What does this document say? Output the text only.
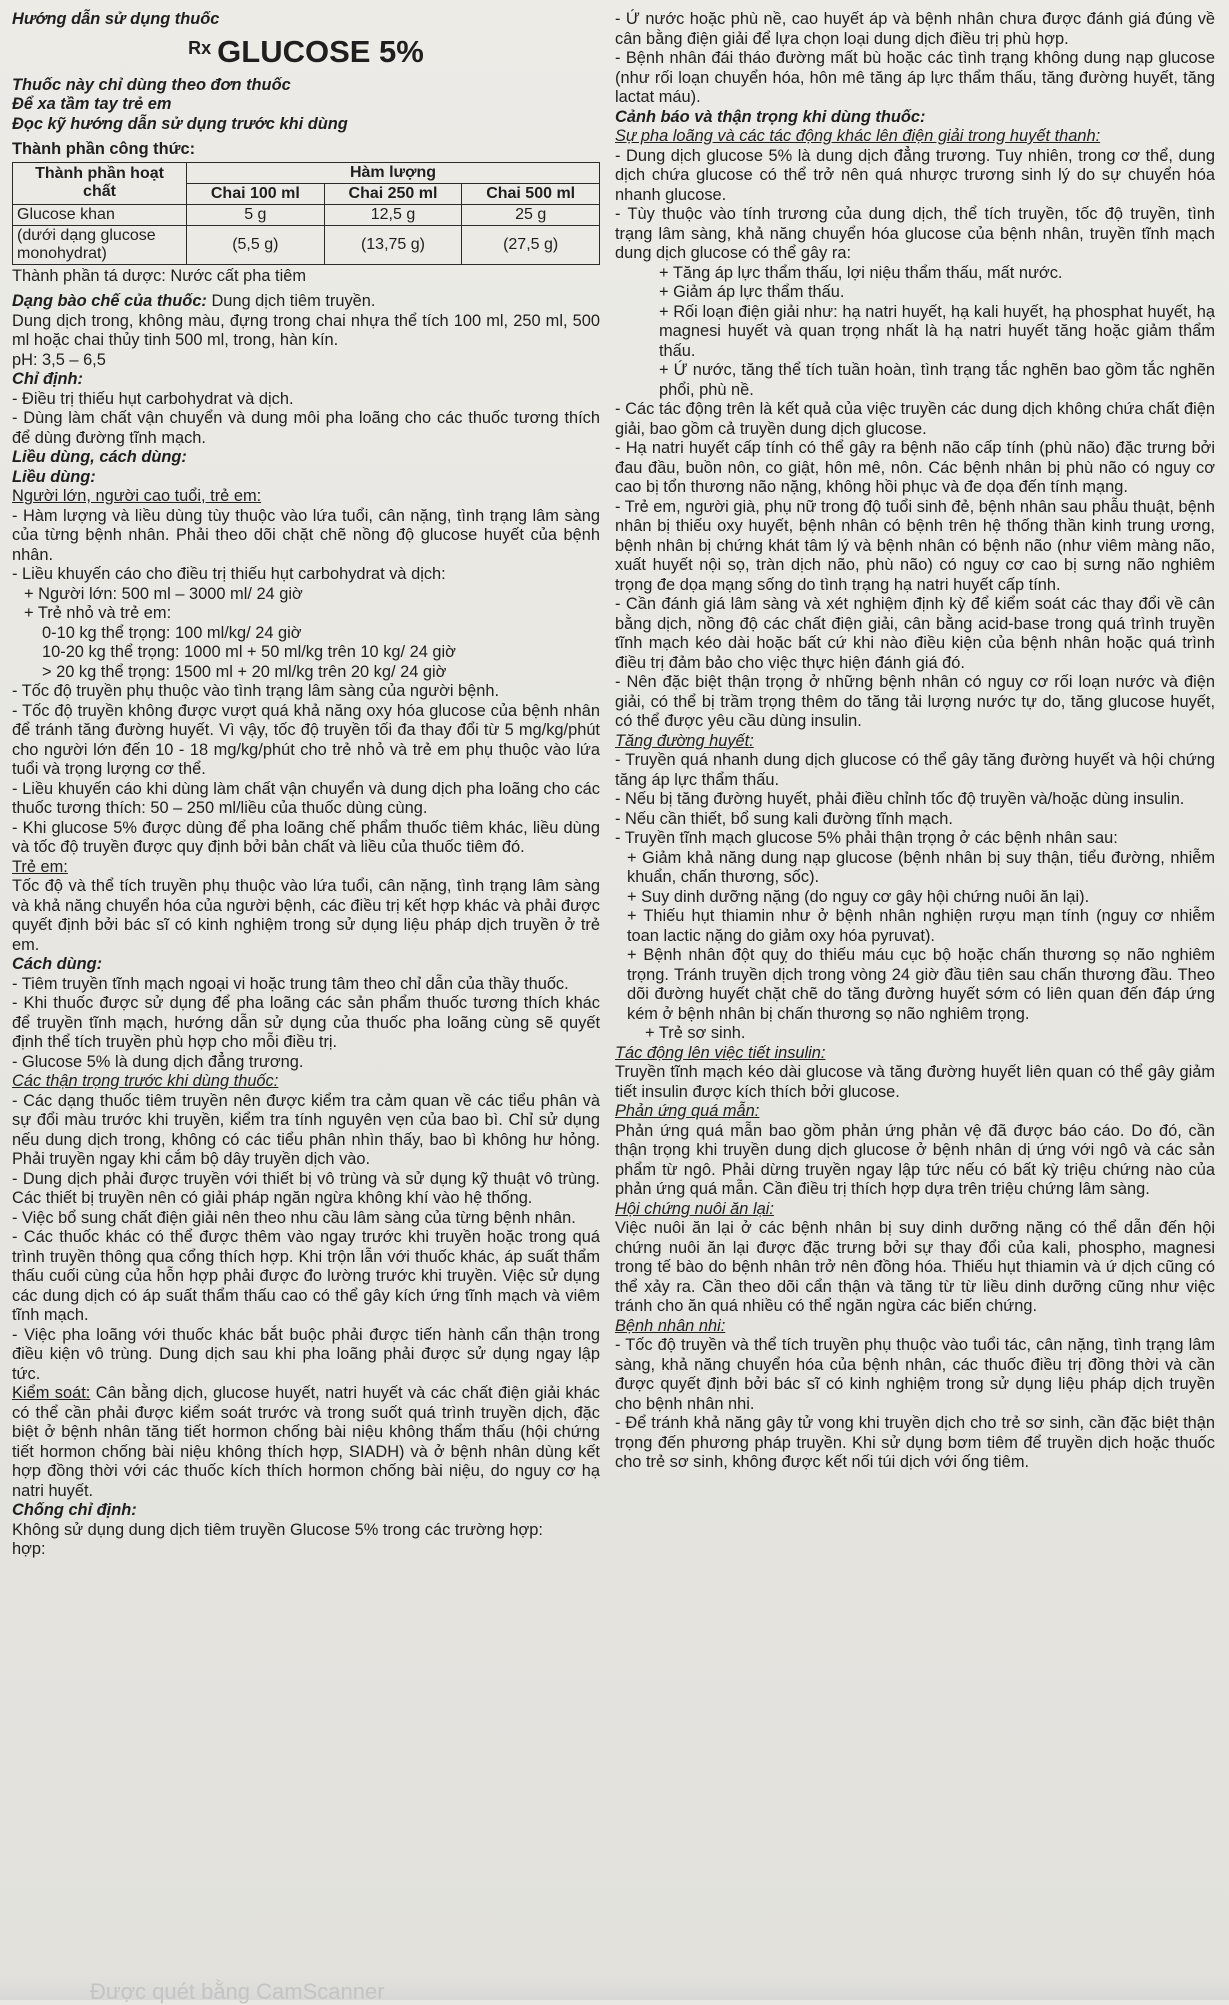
Hướng dẫn sử dụng thuốc

$^{Rx}$ GLUCOSE 5%

Thuốc này chỉ dùng theo đơn thuốc

Để xa tầm tay trẻ em

Đọc kỹ hướng dẫn sử dụng trước khi dùng

Thành phần công thức:

Thành phần hoạt chất	Hàm lượng		
	Chai 100 ml	Chai 250 ml	Chai 500 ml
Glucose khan	5 g	12,5 g	25 g
(dưới dạng glucose monohydrat)	(5,5 g)	(13,75 g)	(27,5 g)

Thành phần tá dược: Nước cất pha tiêm

Dạng bào chế của thuốc: Dung dịch tiêm truyền.

Dung dịch trong, không màu, đựng trong chai nhựa thể tích 100 ml, 250 ml, 500 ml hoặc chai thủy tinh 500 ml, trong, hàn kín.

pH: 3,5 – 6,5

Chỉ định:

- Điều trị thiếu hụt carbohydrat và dịch.

- Dùng làm chất vận chuyển và dung môi pha loãng cho các thuốc tương thích để dùng đường tĩnh mạch.

Liều dùng, cách dùng:

Liều dùng:

Người lớn, người cao tuổi, trẻ em:

- Hàm lượng và liều dùng tùy thuộc vào lứa tuổi, cân nặng, tình trạng lâm sàng của từng bệnh nhân. Phải theo dõi chặt chẽ nồng độ glucose huyết của bệnh nhân.

- Liều khuyến cáo cho điều trị thiếu hụt carbohydrat và dịch:

+ Người lớn: 500 ml – 3000 ml/ 24 giờ

+ Trẻ nhỏ và trẻ em:

0-10 kg thể trọng: 100 ml/kg/ 24 giờ

10-20 kg thể trọng: 1000 ml + 50 ml/kg trên 10 kg/ 24 giờ

> 20 kg thể trọng: 1500 ml + 20 ml/kg trên 20 kg/ 24 giờ

- Tốc độ truyền phụ thuộc vào tình trạng lâm sàng của người bệnh.

- Tốc độ truyền không được vượt quá khả năng oxy hóa glucose của bệnh nhân để tránh tăng đường huyết. Vì vậy, tốc độ truyền tối đa thay đổi từ 5 mg/kg/phút cho người lớn đến 10 - 18 mg/kg/phút cho trẻ nhỏ và trẻ em phụ thuộc vào lứa tuổi và trọng lượng cơ thể.

- Liều khuyến cáo khi dùng làm chất vận chuyển và dung dịch pha loãng cho các thuốc tương thích: 50 – 250 ml/liều của thuốc dùng cùng.

- Khi glucose 5% được dùng để pha loãng chế phẩm thuốc tiêm khác, liều dùng và tốc độ truyền được quy định bởi bản chất và liều của thuốc tiêm đó.

Trẻ em:

Tốc độ và thể tích truyền phụ thuộc vào lứa tuổi, cân nặng, tình trạng lâm sàng và khả năng chuyển hóa của người bệnh, các điều trị kết hợp khác và phải được quyết định bởi bác sĩ có kinh nghiệm trong sử dụng liệu pháp dịch truyền ở trẻ em.

Cách dùng:

- Tiêm truyền tĩnh mạch ngoại vi hoặc trung tâm theo chỉ dẫn của thầy thuốc.

- Khi thuốc được sử dụng để pha loãng các sản phẩm thuốc tương thích khác để truyền tĩnh mạch, hướng dẫn sử dụng của thuốc pha loãng cùng sẽ quyết định thể tích truyền phù hợp cho mỗi điều trị.

- Glucose 5% là dung dịch đẳng trương.

Các thận trọng trước khi dùng thuốc:

- Các dạng thuốc tiêm truyền nên được kiểm tra cảm quan về các tiểu phân và sự đổi màu trước khi truyền, kiểm tra tính nguyên vẹn của bao bì. Chỉ sử dụng nếu dung dịch trong, không có các tiểu phân nhìn thấy, bao bì không hư hỏng. Phải truyền ngay khi cắm bộ dây truyền dịch vào.

- Dung dịch phải được truyền với thiết bị vô trùng và sử dụng kỹ thuật vô trùng. Các thiết bị truyền nên có giải pháp ngăn ngừa không khí vào hệ thống.

- Việc bổ sung chất điện giải nên theo nhu cầu lâm sàng của từng bệnh nhân.

- Các thuốc khác có thể được thêm vào ngay trước khi truyền hoặc trong quá trình truyền thông qua cổng thích hợp. Khi trộn lẫn với thuốc khác, áp suất thẩm thấu cuối cùng của hỗn hợp phải được đo lường trước khi truyền. Việc sử dụng các dung dịch có áp suất thẩm thấu cao có thể gây kích ứng tĩnh mạch và viêm tĩnh mạch.

- Việc pha loãng với thuốc khác bắt buộc phải được tiến hành cẩn thận trong điều kiện vô trùng. Dung dịch sau khi pha loãng phải được sử dụng ngay lập tức.

Kiểm soát: Cân bằng dịch, glucose huyết, natri huyết và các chất điện giải khác có thể cần phải được kiểm soát trước và trong suốt quá trình truyền dịch, đặc biệt ở bệnh nhân tăng tiết hormon chống bài niệu không thẩm thấu (hội chứng tiết hormon chống bài niệu không thích hợp, SIADH) và ở bệnh nhân dùng kết hợp đồng thời với các thuốc kích thích hormon chống bài niệu, do nguy cơ hạ natri huyết.

Chống chỉ định:

Không sử dụng dung dịch tiêm truyền Glucose 5% trong các trường hợp:

hợp:

- Ứ nước hoặc phù nề, cao huyết áp và bệnh nhân chưa được đánh giá đúng về cân bằng điện giải để lựa chọn loại dung dịch điều trị phù hợp.

- Bệnh nhân đái tháo đường mất bù hoặc các tình trạng không dung nạp glucose (như rối loạn chuyển hóa, hôn mê tăng áp lực thẩm thấu, tăng đường huyết, tăng lactat máu).

Cảnh báo và thận trọng khi dùng thuốc:

Sự pha loãng và các tác động khác lên điện giải trong huyết thanh:

- Dung dịch glucose 5% là dung dịch đẳng trương. Tuy nhiên, trong cơ thể, dung dịch chứa glucose có thể trở nên quá nhược trương sinh lý do sự chuyển hóa nhanh glucose.

- Tùy thuộc vào tính trương của dung dịch, thể tích truyền, tốc độ truyền, tình trạng lâm sàng, khả năng chuyển hóa glucose của bệnh nhân, truyền tĩnh mạch dung dịch glucose có thể gây ra:

+ Tăng áp lực thẩm thấu, lợi niệu thẩm thấu, mất nước.

+ Giảm áp lực thẩm thấu.

+ Rối loạn điện giải như: hạ natri huyết, hạ kali huyết, hạ phosphat huyết, hạ magnesi huyết và quan trọng nhất là hạ natri huyết tăng hoặc giảm thẩm thấu.

+ Ứ nước, tăng thể tích tuần hoàn, tình trạng tắc nghẽn bao gồm tắc nghẽn phổi, phù nề.

- Các tác động trên là kết quả của việc truyền các dung dịch không chứa chất điện giải, bao gồm cả truyền dung dịch glucose.

- Hạ natri huyết cấp tính có thể gây ra bệnh não cấp tính (phù não) đặc trưng bởi đau đầu, buồn nôn, co giật, hôn mê, nôn. Các bệnh nhân bị phù não có nguy cơ cao bị tổn thương não nặng, không hồi phục và đe dọa đến tính mạng.

- Trẻ em, người già, phụ nữ trong độ tuổi sinh đẻ, bệnh nhân sau phẫu thuật, bệnh nhân bị thiếu oxy huyết, bệnh nhân có bệnh trên hệ thống thần kinh trung ương, bệnh nhân bị chứng khát tâm lý và bệnh nhân có bệnh não (như viêm màng não, xuất huyết nội sọ, tràn dịch não, phù não) có nguy cơ cao bị sưng não nghiêm trọng đe dọa mạng sống do tình trạng hạ natri huyết cấp tính.

- Cần đánh giá lâm sàng và xét nghiệm định kỳ để kiểm soát các thay đổi về cân bằng dịch, nồng độ các chất điện giải, cân bằng acid-base trong quá trình truyền tĩnh mạch kéo dài hoặc bất cứ khi nào điều kiện của bệnh nhân hoặc quá trình điều trị đảm bảo cho việc thực hiện đánh giá đó.

- Nên đặc biệt thận trọng ở những bệnh nhân có nguy cơ rối loạn nước và điện giải, có thể bị trầm trọng thêm do tăng tải lượng nước tự do, tăng glucose huyết, có thể được yêu cầu dùng insulin.

Tăng đường huyết:

- Truyền quá nhanh dung dịch glucose có thể gây tăng đường huyết và hội chứng tăng áp lực thẩm thấu.

- Nếu bị tăng đường huyết, phải điều chỉnh tốc độ truyền và/hoặc dùng insulin.

- Nếu cần thiết, bổ sung kali đường tĩnh mạch.

- Truyền tĩnh mạch glucose 5% phải thận trọng ở các bệnh nhân sau:

+ Giảm khả năng dung nạp glucose (bệnh nhân bị suy thận, tiểu đường, nhiễm khuẩn, chấn thương, sốc).

+ Suy dinh dưỡng nặng (do nguy cơ gây hội chứng nuôi ăn lại).

+ Thiếu hụt thiamin như ở bệnh nhân nghiện rượu mạn tính (nguy cơ nhiễm toan lactic nặng do giảm oxy hóa pyruvat).

+ Bệnh nhân đột quỵ do thiếu máu cục bộ hoặc chấn thương sọ não nghiêm trọng. Tránh truyền dịch trong vòng 24 giờ đầu tiên sau chấn thương đầu. Theo dõi đường huyết chặt chẽ do tăng đường huyết sớm có liên quan đến đáp ứng kém ở bệnh nhân bị chấn thương sọ não nghiêm trọng.

+ Trẻ sơ sinh.

Tác động lên việc tiết insulin:

Truyền tĩnh mạch kéo dài glucose và tăng đường huyết liên quan có thể gây giảm tiết insulin được kích thích bởi glucose.

Phản ứng quá mẫn:

Phản ứng quá mẫn bao gồm phản ứng phản vệ đã được báo cáo. Do đó, cần thận trọng khi truyền dung dịch glucose ở bệnh nhân dị ứng với ngô và các sản phẩm từ ngô. Phải dừng truyền ngay lập tức nếu có bất kỳ triệu chứng nào của phản ứng quá mẫn. Cần điều trị thích hợp dựa trên triệu chứng lâm sàng.

Hội chứng nuôi ăn lại:

Việc nuôi ăn lại ở các bệnh nhân bị suy dinh dưỡng nặng có thể dẫn đến hội chứng nuôi ăn lại được đặc trưng bởi sự thay đổi của kali, phospho, magnesi trong tế bào do bệnh nhân trở nên đồng hóa. Thiếu hụt thiamin và ứ dịch cũng có thể xảy ra. Cần theo dõi cẩn thận và tăng từ từ liều dinh dưỡng cũng như việc tránh cho ăn quá nhiều có thể ngăn ngừa các biến chứng.

Bệnh nhân nhi:

- Tốc độ truyền và thể tích truyền phụ thuộc vào tuổi tác, cân nặng, tình trạng lâm sàng, khả năng chuyển hóa của bệnh nhân, các thuốc điều trị đồng thời và cần được quyết định bởi bác sĩ có kinh nghiệm trong sử dụng liệu pháp dịch truyền cho bệnh nhân nhi.

- Để tránh khả năng gây tử vong khi truyền dịch cho trẻ sơ sinh, cần đặc biệt thận trọng đến phương pháp truyền. Khi sử dụng bơm tiêm để truyền dịch hoặc thuốc cho trẻ sơ sinh, không được kết nối túi dịch với ống tiêm.

Được quét bằng CamScanner
